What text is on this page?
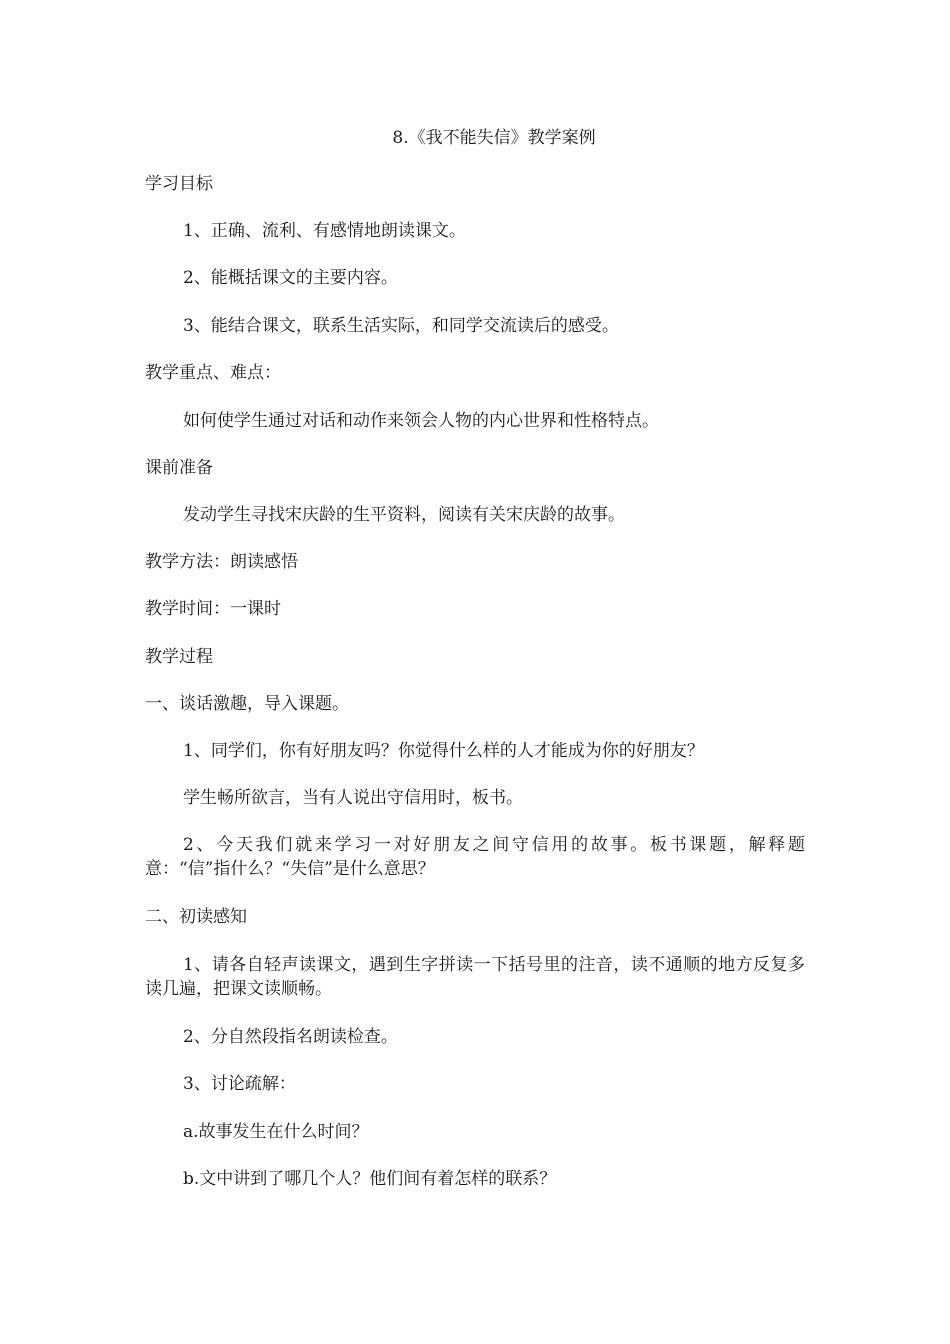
8.《我不能失信》教学案例
学习目标
1、正确、流利、有感情地朗读课文。
2、能概括课文的主要内容。
3、能结合课文，联系生活实际，和同学交流读后的感受。
教学重点、难点：
如何使学生通过对话和动作来领会人物的内心世界和性格特点。
课前准备
发动学生寻找宋庆龄的生平资料，阅读有关宋庆龄的故事。
教学方法：朗读感悟
教学时间：一课时
教学过程
一、谈话激趣，导入课题。
1、同学们，你有好朋友吗？你觉得什么样的人才能成为你的好朋友？
学生畅所欲言，当有人说出守信用时，板书。
2、今天我们就来学习一对好朋友之间守信用的故事。板书课题，解释题意：“信”指什么？“失信”是什么意思？
二、初读感知
1、请各自轻声读课文，遇到生字拼读一下括号里的注音，读不通顺的地方反复多读几遍，把课文读顺畅。
2、分自然段指名朗读检查。
3、讨论疏解：
a.故事发生在什么时间？
b.文中讲到了哪几个人？他们间有着怎样的联系？
